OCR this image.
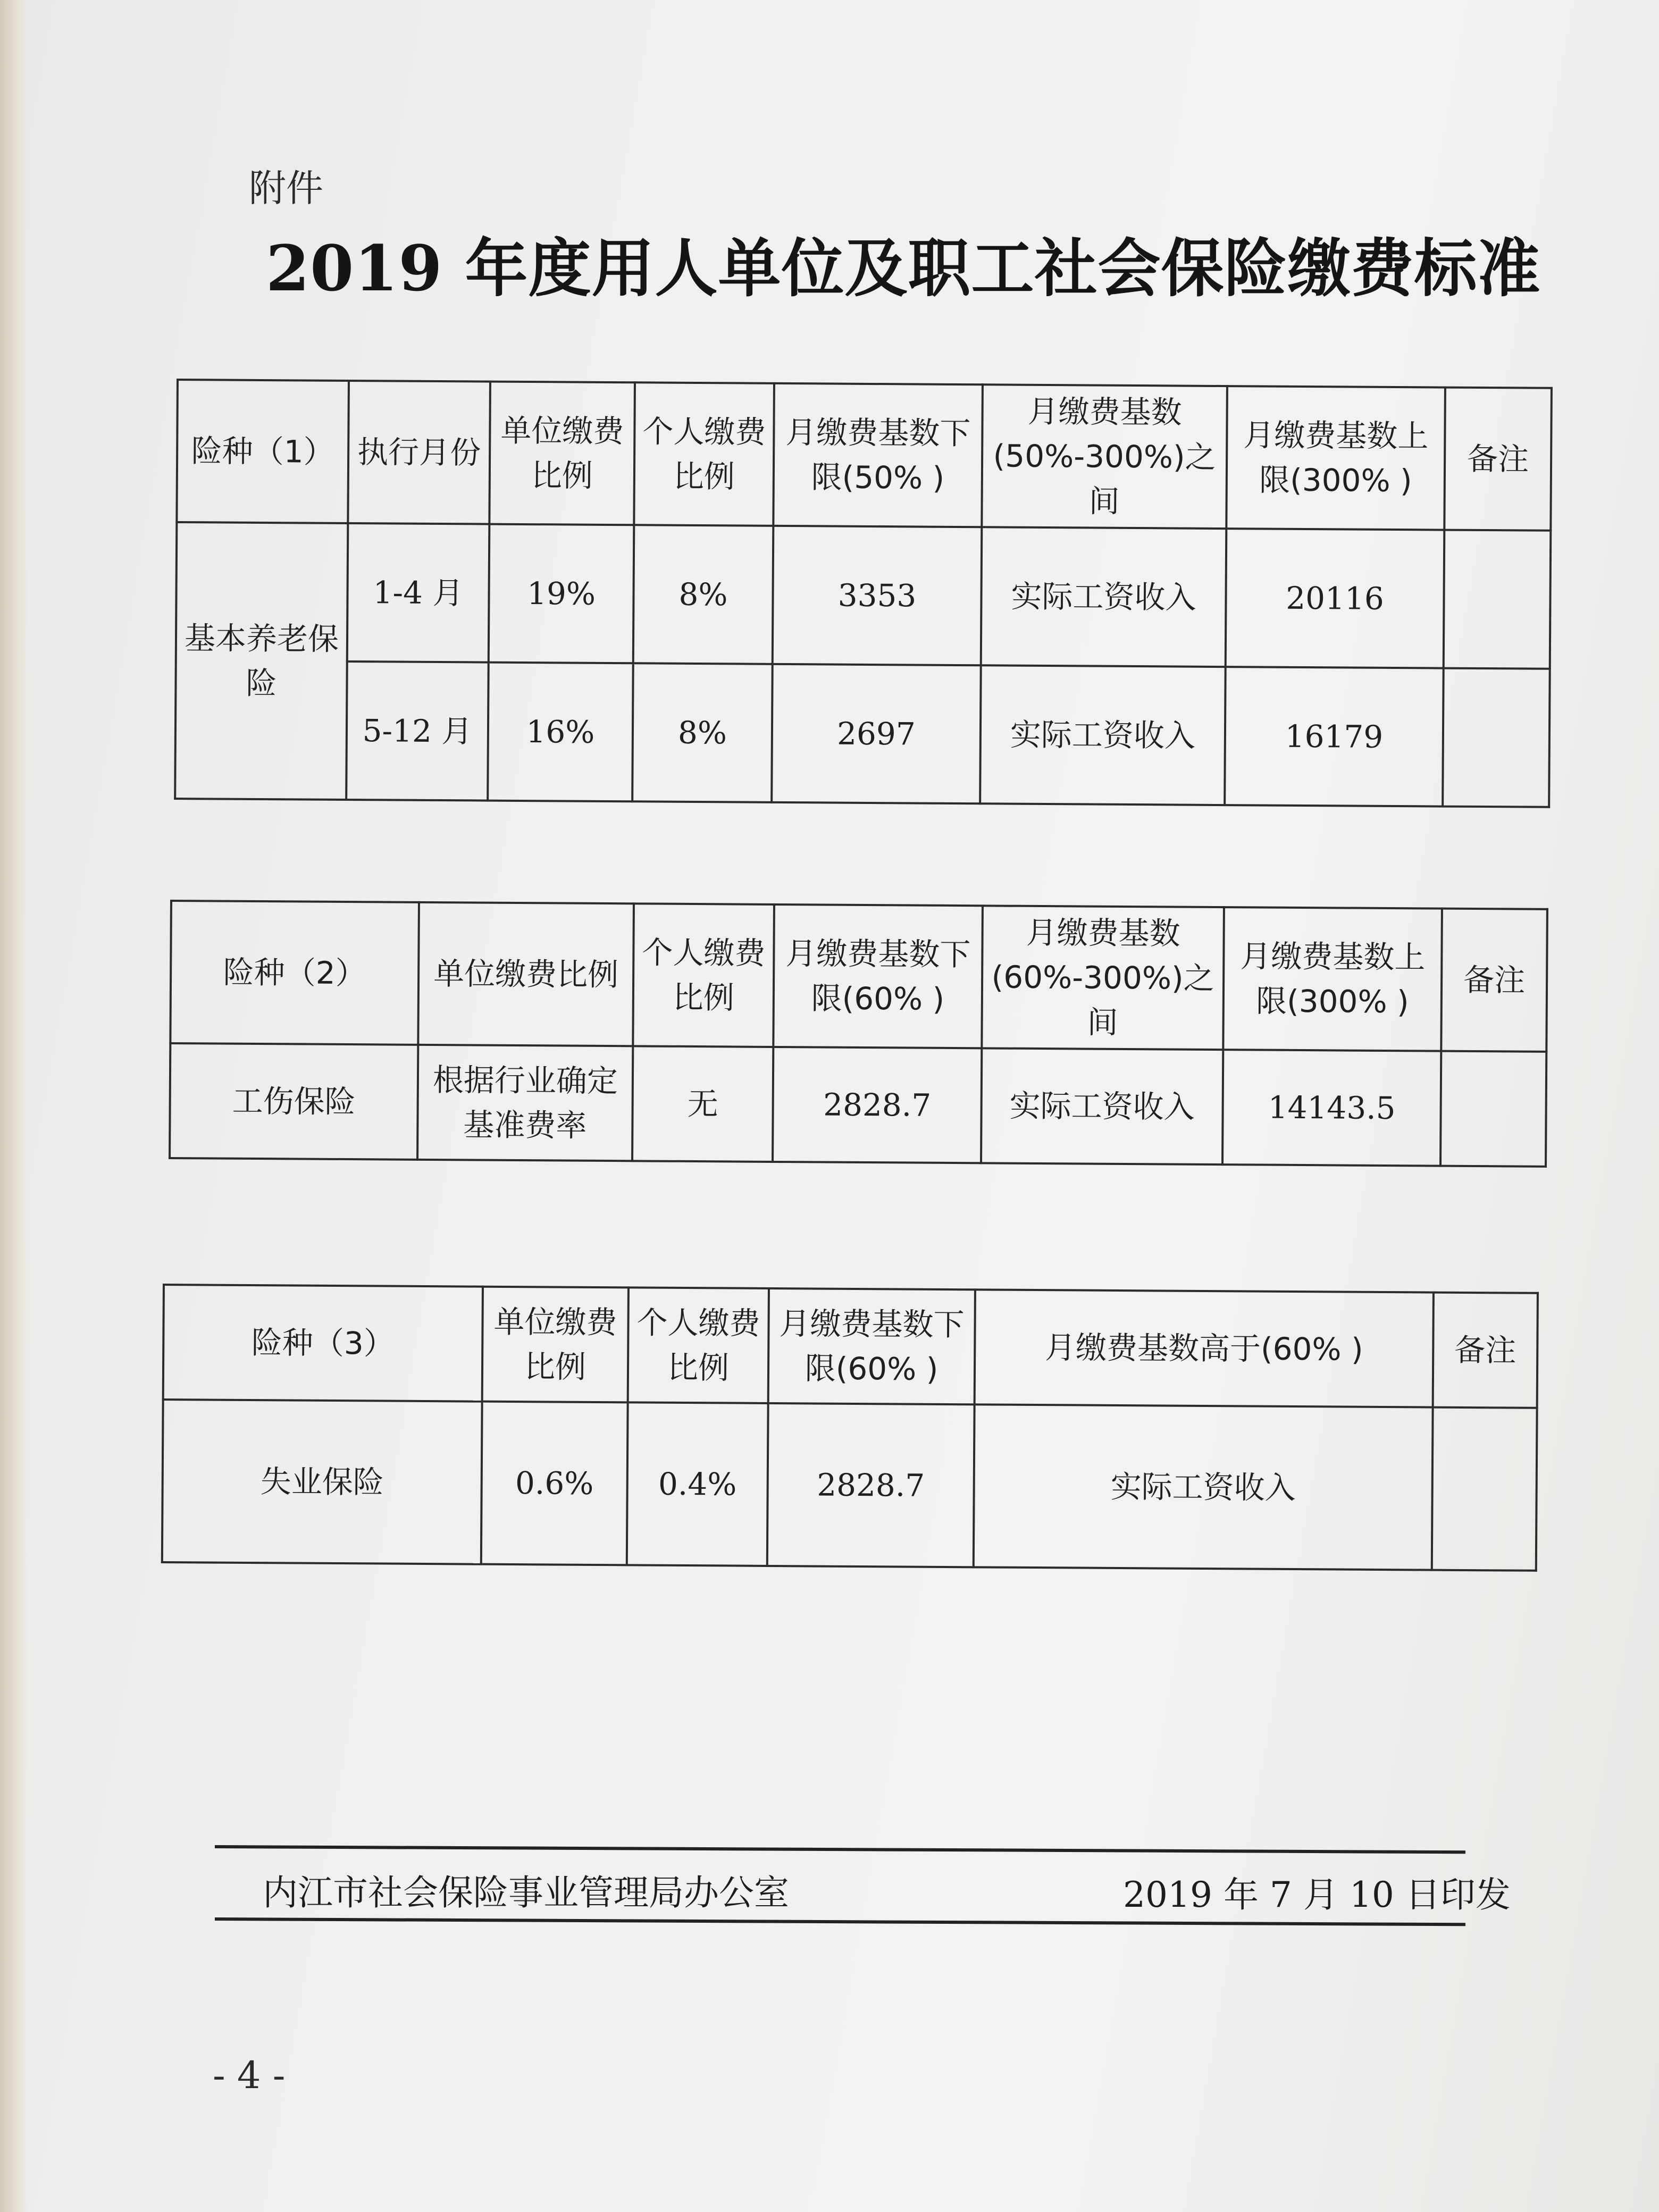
附件
2019 年度用人单位及职工社会保险缴费标准
险种（1）	执行月份	单位缴费比例	个人缴费比例	月缴费基数下限(50% )	月缴费基数(50%-300%)之间	月缴费基数上限(300% )	备注
基本养老保险	1-4 月	19%	8%	3353	实际工资收入	20116	
	5-12 月	16%	8%	2697	实际工资收入	16179	
险种（2）	单位缴费比例	个人缴费比例	月缴费基数下限(60% )	月缴费基数(60%-300%)之间	月缴费基数上限(300% )	备注
工伤保险	根据行业确定基准费率	无	2828.7	实际工资收入	14143.5	
险种（3）	单位缴费比例	个人缴费比例	月缴费基数下限(60% )	月缴费基数高于(60% )	备注
失业保险	0.6%	0.4%	2828.7	实际工资收入	
内江市社会保险事业管理局办公室	2019 年 7 月 10 日印发
- 4 -
